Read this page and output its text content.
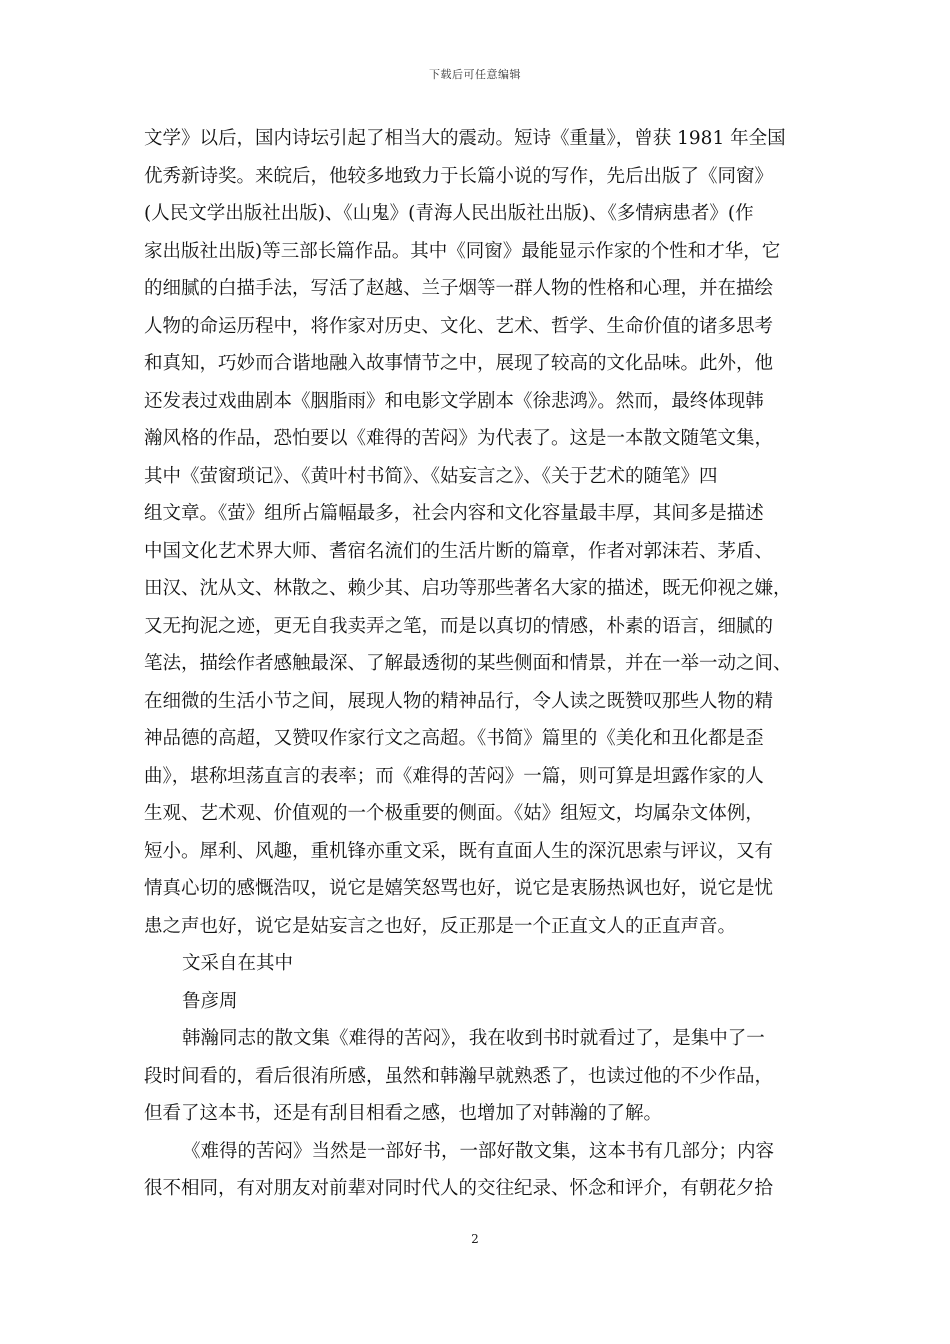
下载后可任意编辑
文学》以后，国内诗坛引起了相当大的震动。短诗《重量》，曾获 1981 年全国
优秀新诗奖。来皖后，他较多地致力于长篇小说的写作，先后出版了《同窗》
(人民文学出版社出版)、《山鬼》(青海人民出版社出版)、《多情病患者》(作
家出版社出版)等三部长篇作品。其中《同窗》最能显示作家的个性和才华，它
的细腻的白描手法，写活了赵越、兰子烟等一群人物的性格和心理，并在描绘
人物的命运历程中，将作家对历史、文化、艺术、哲学、生命价值的诸多思考
和真知，巧妙而合谐地融入故事情节之中，展现了较高的文化品味。此外，他
还发表过戏曲剧本《胭脂雨》和电影文学剧本《徐悲鸿》。然而，最终体现韩
瀚风格的作品，恐怕要以《难得的苦闷》为代表了。这是一本散文随笔文集，
其中《萤窗琐记》、《黄叶村书简》、《姑妄言之》、《关于艺术的随笔》四
组文章。《萤》组所占篇幅最多，社会内容和文化容量最丰厚，其间多是描述
中国文化艺术界大师、耆宿名流们的生活片断的篇章，作者对郭沫若、茅盾、
田汉、沈从文、林散之、赖少其、启功等那些著名大家的描述，既无仰视之嫌，
又无拘泥之迹，更无自我卖弄之笔，而是以真切的情感，朴素的语言，细腻的
笔法，描绘作者感触最深、了解最透彻的某些侧面和情景，并在一举一动之间、
在细微的生活小节之间，展现人物的精神品行，令人读之既赞叹那些人物的精
神品德的高超，又赞叹作家行文之高超。《书简》篇里的《美化和丑化都是歪
曲》，堪称坦荡直言的表率；而《难得的苦闷》一篇，则可算是坦露作家的人
生观、艺术观、价值观的一个极重要的侧面。《姑》组短文，均属杂文体例，
短小。犀利、风趣，重机锋亦重文采，既有直面人生的深沉思索与评议，又有
情真心切的感慨浩叹，说它是嬉笑怒骂也好，说它是衷肠热讽也好，说它是忧
患之声也好，说它是姑妄言之也好，反正那是一个正直文人的正直声音。
文采自在其中
鲁彦周
韩瀚同志的散文集《难得的苦闷》，我在收到书时就看过了，是集中了一
段时间看的，看后很洧所感，虽然和韩瀚早就熟悉了，也读过他的不少作品，
但看了这本书，还是有刮目相看之感，也增加了对韩瀚的了解。
《难得的苦闷》当然是一部好书，一部好散文集，这本书有几部分；内容
很不相同，有对朋友对前辈对同时代人的交往纪录、怀念和评介，有朝花夕拾
2
